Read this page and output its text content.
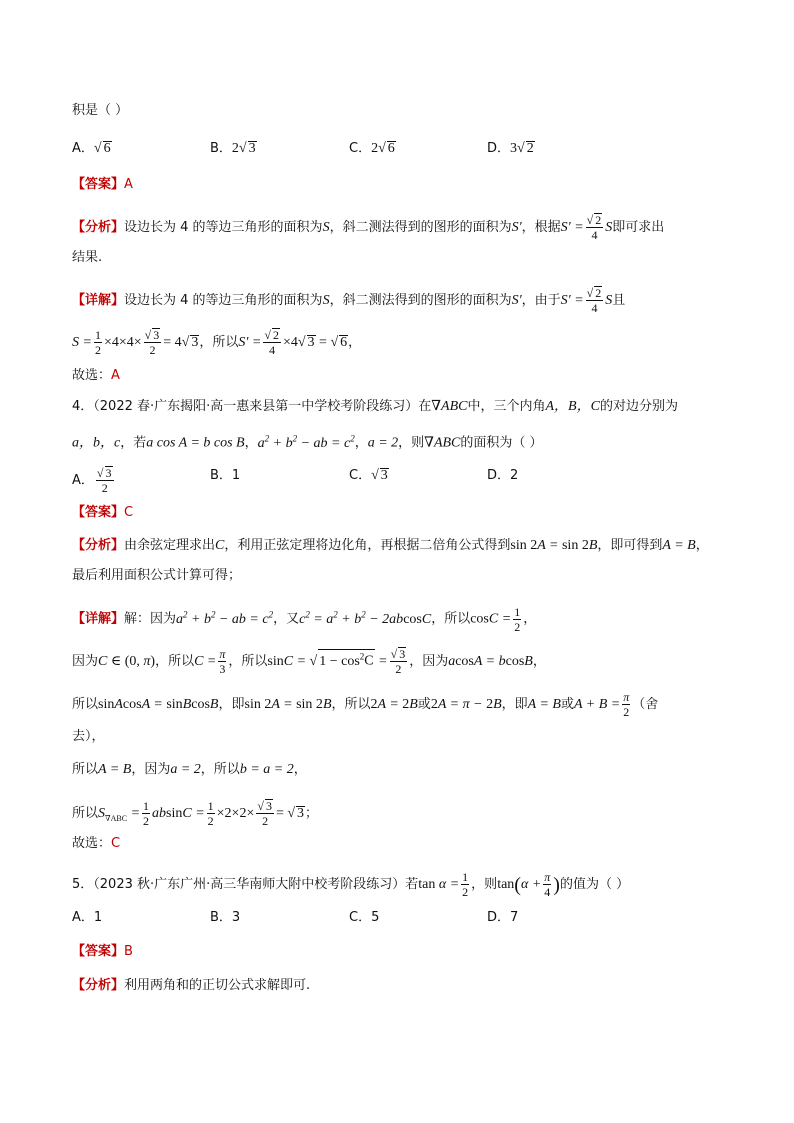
积是（ ）
A．√ 6	B．2√ 3	C．2√ 6	D．3√ 2
【答案】A
【分析】设边长为 4 的等边三角形的面积为S，斜二测法得到的图形的面积为S′，根据$S' = \frac{√ 2}{4}$ S即可求出
结果.
【详解】设边长为 4 的等边三角形的面积为S，斜二测法得到的图形的面积为S′，由于$S' = \frac{√ 2}{4}$ S且
$S = \frac{1}{2} \times 4\times 4\times \frac{√ 3}{2} = 4√$ 3，所以$S' = \frac{√ 2}{4} \times 4√$ 3 = √ 6，
故选：A
4．（2022 春·广东揭阳·高一惠来县第一中学校考阶段练习）在∇ABC中，三个内角A，B，C的对边分别为
a，b，c，若a cos A = b cos B，$a^2 + b^2$ − ab = $c^2$，a = 2，则∇ABC的面积为（ ）
A． $\frac{√ 3}{2}$	B．1	C．√ 3	D．2
【答案】C
【分析】由余弦定理求出C，利用正弦定理将边化角，再根据二倍角公式得到sin 2A = sin 2B，即可得到A = B，
最后利用面积公式计算可得；
【详解】解：因为$a^2 + b^2$ − ab = $c^2$，又$c^2 = a^2 + b^2 - 2abcosC$，所以$\cos C = \frac{1}{2}$ ，
因为C ∈ (0, π)，所以$C = \frac{\pi}{3}$ ，所以sinC = √ $1 - \cos^2C = \frac{√ 3}{2}$ ，因为acosA = bcosB，
所以sinAcosA = sinBcosB，即sin 2A = sin 2B，所以2A = 2B或2A = π − 2B，即A = B或$A + B = \frac{\pi}{2}$ （舍
去），
所以A = B，因为a = 2，所以b = a = 2，
所以$S_{\nabla ABC} = \frac{1}{2}$ $absinC = \frac{1}{2} \times 2\times 2\times \frac{√ 3}{2}$ = √ 3；
故选：C
5．（2023 秋·广东广州·高三华南师大附中校考阶段练习）若$\tan \alpha = \frac{1}{2}$ ，则$\tan(\alpha + \frac{\pi}{4}$ )的值为（ ）
A．1	B．3	C．5	D．7
【答案】B
【分析】利用两角和的正切公式求解即可.
